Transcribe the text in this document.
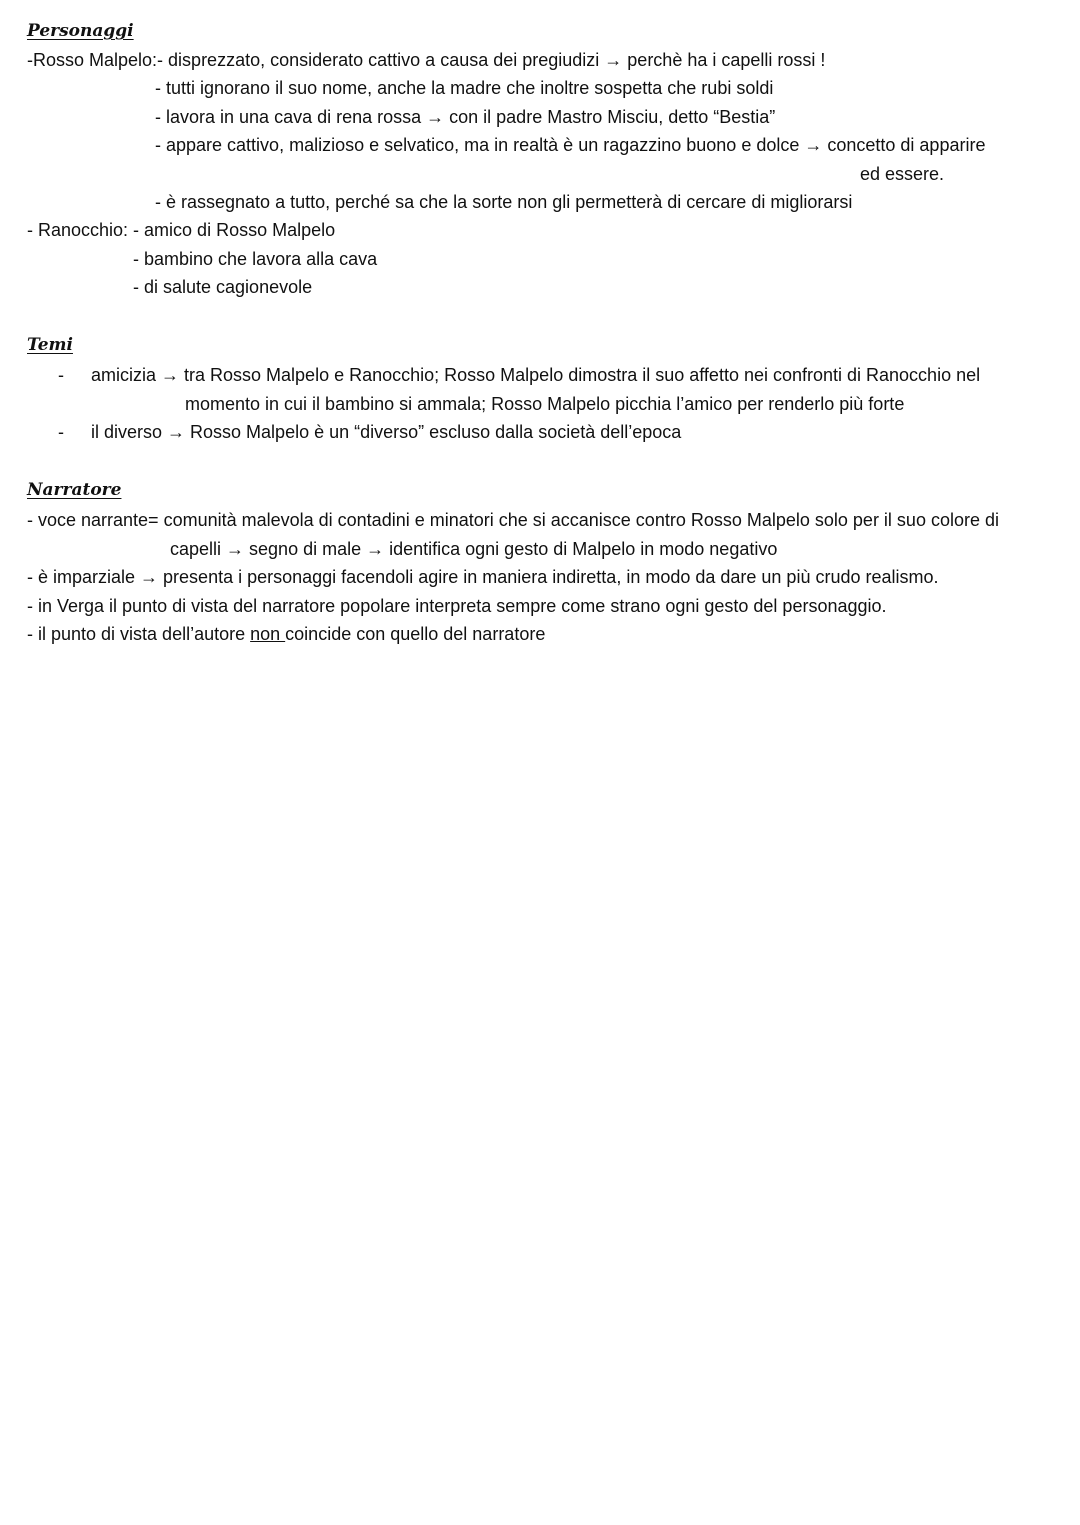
Personaggi
-Rosso Malpelo:- disprezzato, considerato cattivo a causa dei pregiudizi → perchè ha i capelli rossi !
- tutti ignorano il suo nome, anche la madre che inoltre sospetta che rubi soldi
- lavora in una cava di rena rossa → con il padre Mastro Misciu, detto “Bestia”
- appare cattivo, malizioso e selvatico, ma in realtà è un ragazzino buono e dolce → concetto di apparire
ed essere.
- è rassegnato a tutto, perché sa che la sorte non gli permetterà di cercare di migliorarsi
- Ranocchio: - amico di Rosso Malpelo
- bambino che lavora alla cava
- di salute cagionevole
Temi
- amicizia → tra Rosso Malpelo e Ranocchio; Rosso Malpelo dimostra il suo affetto nei confronti di Ranocchio nel
momento in cui il bambino si ammala; Rosso Malpelo picchia l’amico per renderlo più forte
- il diverso → Rosso Malpelo è un “diverso” escluso dalla società dell’epoca
Narratore
- voce narrante= comunità malevola di contadini e minatori che si accanisce contro Rosso Malpelo solo per il suo colore di
capelli → segno di male → identifica ogni gesto di Malpelo in modo negativo
- è imparziale → presenta i personaggi facendoli agire in maniera indiretta, in modo da dare un più crudo realismo.
- in Verga il punto di vista del narratore popolare interpreta sempre come strano ogni gesto del personaggio.
- il punto di vista dell’autore non coincide con quello del narratore
